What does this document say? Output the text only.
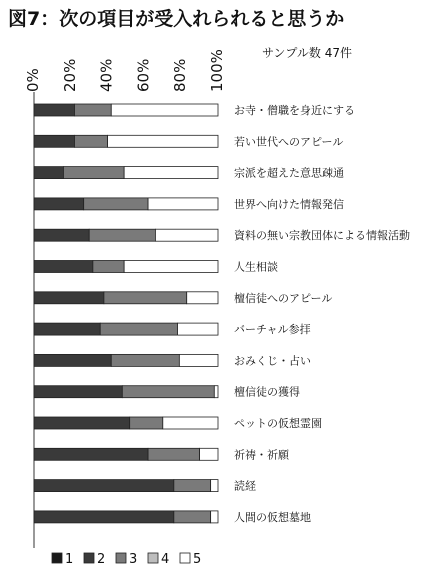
図7：次の項目が受入れられると思うか
サンプル数 47件
0% 20% 40% 60% 80% 100%
お寺・僧職を身近にする
若い世代へのアピール
宗派を超えた意思疎通
世界へ向けた情報発信
資料の無い宗教団体による情報活動
人生相談
檀信徒へのアピール
バーチャル参拝
おみくじ・占い
檀信徒の獲得
ペットの仮想霊園
祈祷・祈願
読経
人間の仮想墓地
1 2 3 4 5
